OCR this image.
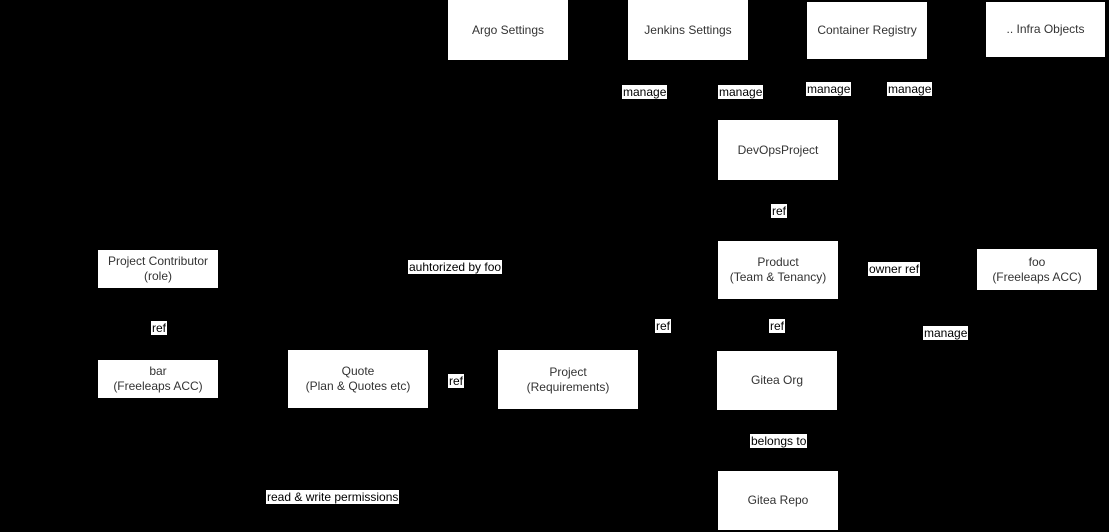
Argo Settings	Jenkins Settings	Container Registry	.. Infra Objects
DevOpsProject
Product
(Team & Tenancy)
foo
(Freeleaps ACC)
Project Contributor
(role)
bar
(Freeleaps ACC)
Quote
(Plan & Quotes etc)
Project
(Requirements)	Gitea Org
Gitea Repo
manage	manage	manage	manage
ref
auhtorized by foo	owner ref
ref	ref	ref	manage
ref
belongs to
read & write permissions
